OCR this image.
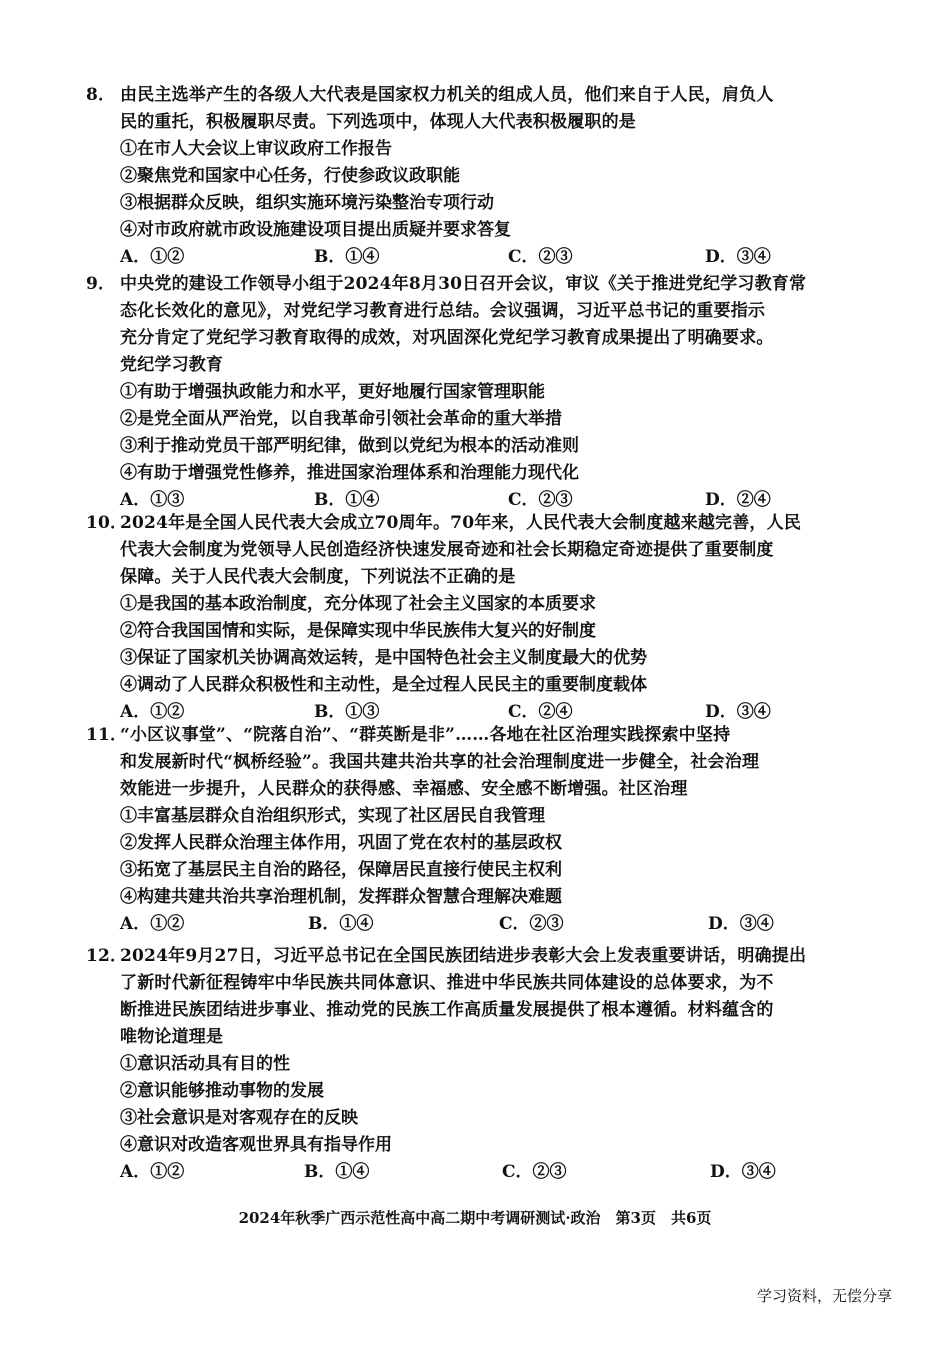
8． 由民主选举产生的各级人大代表是国家权力机关的组成人员，他们来自于人民，肩负人
民的重托，积极履职尽责。下列选项中，体现人大代表积极履职的是
①在市人大会议上审议政府工作报告
②聚焦党和国家中心任务，行使参政议政职能
③根据群众反映，组织实施环境污染整治专项行动
④对市政府就市政设施建设项目提出质疑并要求答复
A．①②	B．①④	C．②③	D．③④
9． 中央党的建设工作领导小组于2024年8月30日召开会议，审议《关于推进党纪学习教育常
态化长效化的意见》，对党纪学习教育进行总结。会议强调，习近平总书记的重要指示
充分肯定了党纪学习教育取得的成效，对巩固深化党纪学习教育成果提出了明确要求。
党纪学习教育
①有助于增强执政能力和水平，更好地履行国家管理职能
②是党全面从严治党，以自我革命引领社会革命的重大举措
③利于推动党员干部严明纪律，做到以党纪为根本的活动准则
④有助于增强党性修养，推进国家治理体系和治理能力现代化
A．①③	B．①④	C．②③	D．②④
10．2024年是全国人民代表大会成立70周年。70年来，人民代表大会制度越来越完善，人民
代表大会制度为党领导人民创造经济快速发展奇迹和社会长期稳定奇迹提供了重要制度
保障。关于人民代表大会制度，下列说法不正确的是
①是我国的基本政治制度，充分体现了社会主义国家的本质要求
②符合我国国情和实际，是保障实现中华民族伟大复兴的好制度
③保证了国家机关协调高效运转，是中国特色社会主义制度最大的优势
④调动了人民群众积极性和主动性，是全过程人民民主的重要制度载体
A．①②	B．①③	C．②④	D．③④
11．“小区议事堂”、“院落自治”、“群英断是非”……各地在社区治理实践探索中坚持
和发展新时代“枫桥经验”。我国共建共治共享的社会治理制度进一步健全，社会治理
效能进一步提升，人民群众的获得感、幸福感、安全感不断增强。社区治理
①丰富基层群众自治组织形式，实现了社区居民自我管理
②发挥人民群众治理主体作用，巩固了党在农村的基层政权
③拓宽了基层民主自治的路径，保障居民直接行使民主权利
④构建共建共治共享治理机制，发挥群众智慧合理解决难题
A．①②	B．①④	C．②③	D．③④
12．2024年9月27日，习近平总书记在全国民族团结进步表彰大会上发表重要讲话，明确提出
了新时代新征程铸牢中华民族共同体意识、推进中华民族共同体建设的总体要求，为不
断推进民族团结进步事业、推动党的民族工作高质量发展提供了根本遵循。材料蕴含的
唯物论道理是
①意识活动具有目的性
②意识能够推动事物的发展
③社会意识是对客观存在的反映
④意识对改造客观世界具有指导作用
A．①②	B．①④	C．②③	D．③④
2024年秋季广西示范性高中高二期中考调研测试·政治　第3页　共6页
学习资料，无偿分享
